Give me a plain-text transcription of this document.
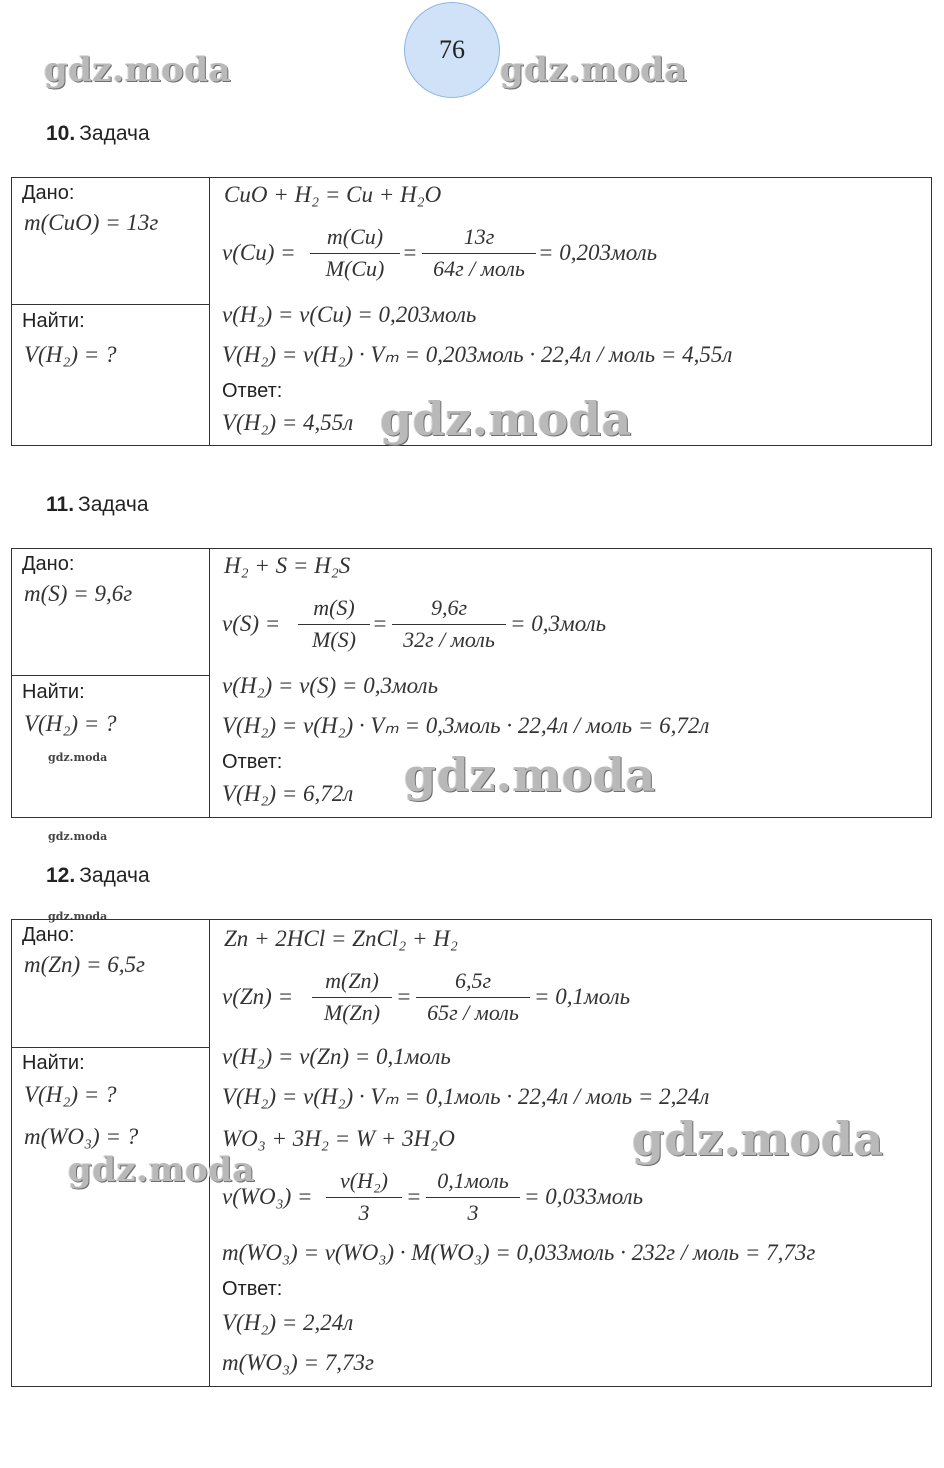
76
gdz.moda	gdz.moda
10. Задача
Дано:
m(CuO) = 13г
Найти:
V(H₂) = ?
CuO + H₂ = Cu + H₂O
ν(Cu) =
m(Cu)
M(Cu)
=
13г
64г / моль
= 0,203моль
ν(H₂) = ν(Cu) = 0,203моль
V(H₂) = ν(H₂) · Vₘ = 0,203моль · 22,4л / моль = 4,55л
Ответ:
V(H₂) = 4,55л gdz.moda
11. Задача
Дано:
m(S) = 9,6г
Найти:
V(H₂) = ?
gdz.moda
H₂ + S = H₂S
ν(S) =
m(S)
M(S)
=
9,6г
32г / моль
= 0,3моль
ν(H₂) = ν(S) = 0,3моль
V(H₂) = ν(H₂) · Vₘ = 0,3моль · 22,4л / моль = 6,72л
Ответ:
V(H₂) = 6,72л gdz.moda
gdz.moda
12. Задача
gdz.moda
Дано:
m(Zn) = 6,5г
Найти:
V(H₂) = ?
m(WO₃) = ?
Zn + 2HCl = ZnCl₂ + H₂
ν(Zn) =
m(Zn)
M(Zn)
=
6,5г
65г / моль
= 0,1моль
ν(H₂) = ν(Zn) = 0,1моль
V(H₂) = ν(H₂) · Vₘ = 0,1моль · 22,4л / моль = 2,24л
WO₃ + 3H₂ = W + 3H₂O
ν(WO₃) =
ν(H₂)
3
=
0,1моль
3
= 0,033моль
m(WO₃) = ν(WO₃) · M(WO₃) = 0,033моль · 232г / моль = 7,73г
Ответ:
V(H₂) = 2,24л
m(WO₃) = 7,73г
gdz.moda
gdz.moda
